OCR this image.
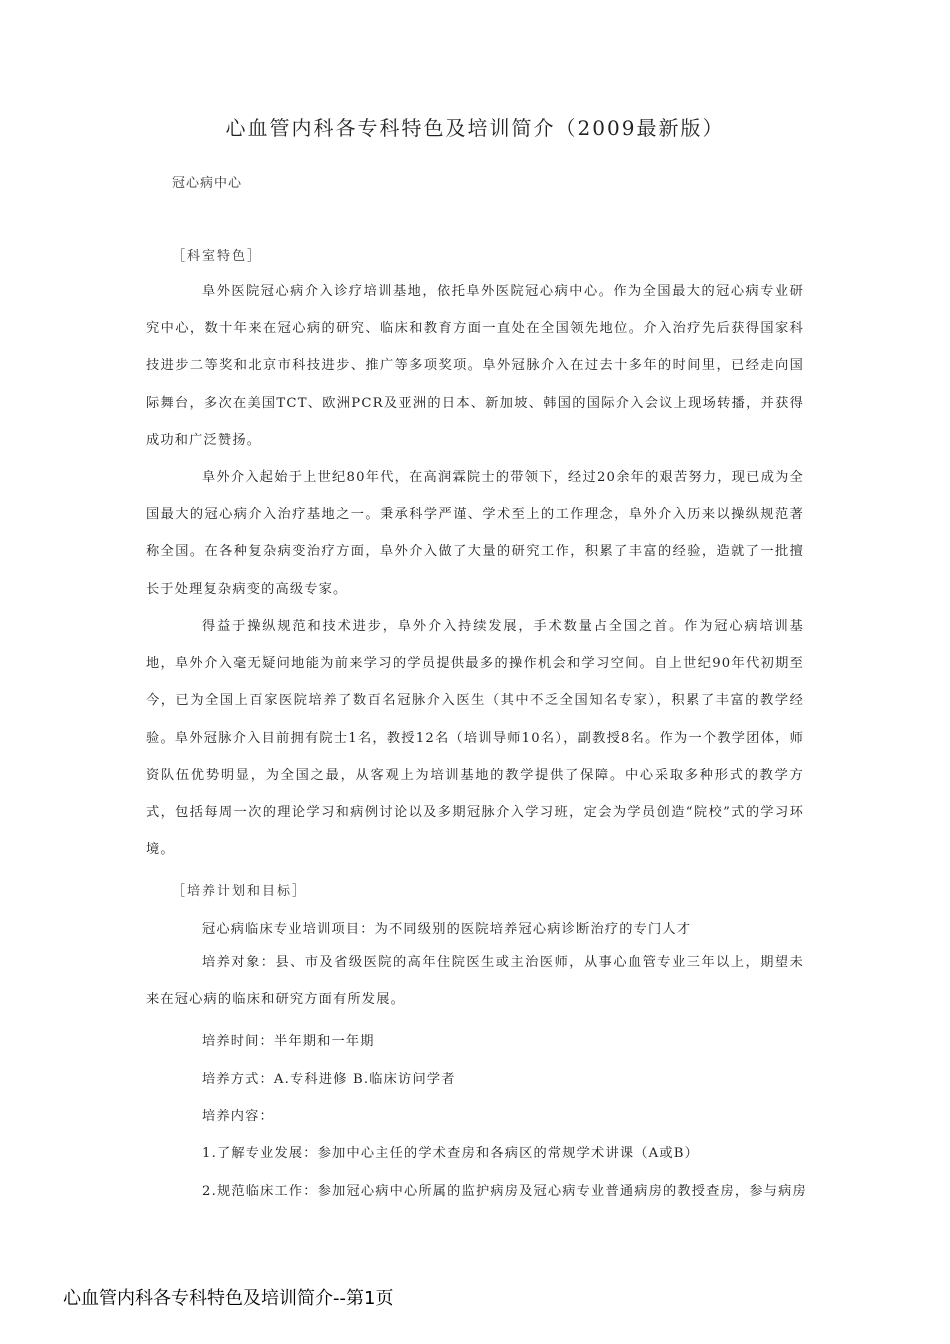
心血管内科各专科特色及培训简介（2009最新版）
冠心病中心
［科室特色］
阜外医院冠心病介入诊疗培训基地，依托阜外医院冠心病中心。作为全国最大的冠心病专业研究中心，数十年来在冠心病的研究、临床和教育方面一直处在全国领先地位。介入治疗先后获得国家科技进步二等奖和北京市科技进步、推广等多项奖项。阜外冠脉介入在过去十多年的时间里，已经走向国际舞台，多次在美国TCT、欧洲PCR及亚洲的日本、新加坡、韩国的国际介入会议上现场转播，并获得成功和广泛赞扬。
阜外介入起始于上世纪80年代，在高润霖院士的带领下，经过20余年的艰苦努力，现已成为全国最大的冠心病介入治疗基地之一。秉承科学严谨、学术至上的工作理念，阜外介入历来以操纵规范著称全国。在各种复杂病变治疗方面，阜外介入做了大量的研究工作，积累了丰富的经验，造就了一批擅长于处理复杂病变的高级专家。
得益于操纵规范和技术进步，阜外介入持续发展，手术数量占全国之首。作为冠心病培训基地，阜外介入毫无疑问地能为前来学习的学员提供最多的操作机会和学习空间。自上世纪90年代初期至今，已为全国上百家医院培养了数百名冠脉介入医生（其中不乏全国知名专家），积累了丰富的教学经验。阜外冠脉介入目前拥有院士1名，教授12名（培训导师10名），副教授8名。作为一个教学团体，师资队伍优势明显，为全国之最，从客观上为培训基地的教学提供了保障。中心采取多种形式的教学方式，包括每周一次的理论学习和病例讨论以及多期冠脉介入学习班，定会为学员创造“院校”式的学习环境。
［培养计划和目标］
冠心病临床专业培训项目：为不同级别的医院培养冠心病诊断治疗的专门人才
培养对象：县、市及省级医院的高年住院医生或主治医师，从事心血管专业三年以上，期望未来在冠心病的临床和研究方面有所发展。
培养时间：半年期和一年期
培养方式：A.专科进修 B.临床访问学者
培养内容：
1.了解专业发展：参加中心主任的学术查房和各病区的常规学术讲课（A或B）
2.规范临床工作：参加冠心病中心所属的监护病房及冠心病专业普通病房的教授查房，参与病房
心血管内科各专科特色及培训简介--第1页
